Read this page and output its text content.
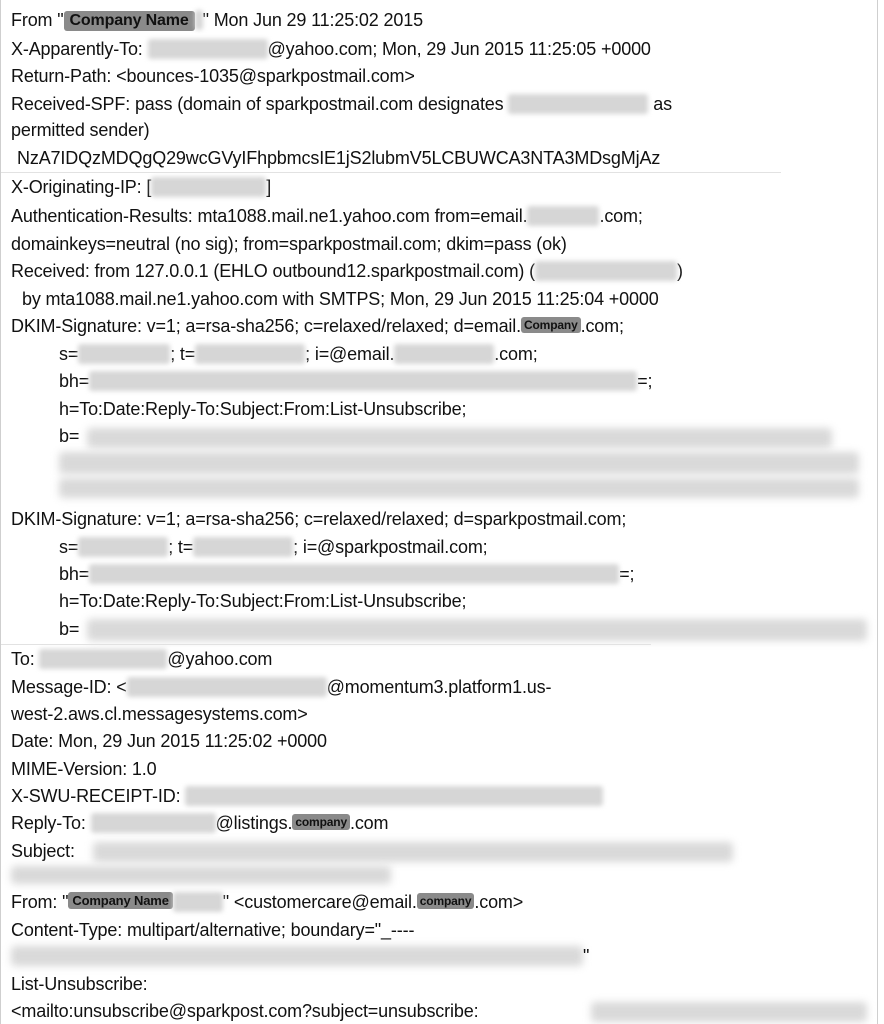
From " Company Name " Mon Jun 29 11:25:02 2015
X-Apparently-To:	@yahoo.com; Mon, 29 Jun 2015 11:25:05 +0000
Return-Path: <bounces-1035@sparkpostmail.com>
Received-SPF: pass (domain of sparkpostmail.com designates	as
permitted sender)
NzA7IDQzMDQgQ29wcGVyIFhpbmcsIE1jS2lubmV5LCBUWCA3NTA3MDsgMjAz
X-Originating-IP: [	]
Authentication-Results: mta1088.mail.ne1.yahoo.com from=email.	.com;
domainkeys=neutral (no sig); from=sparkpostmail.com; dkim=pass (ok)
Received: from 127.0.0.1 (EHLO outbound12.sparkpostmail.com) (	)
by mta1088.mail.ne1.yahoo.com with SMTPS; Mon, 29 Jun 2015 11:25:04 +0000
DKIM-Signature: v=1; a=rsa-sha256; c=relaxed/relaxed; d=email. Company .com;
s=	; t=	; i=@email.	.com;
bh=	=;
h=To:Date:Reply-To:Subject:From:List-Unsubscribe;
b=
DKIM-Signature: v=1; a=rsa-sha256; c=relaxed/relaxed; d=sparkpostmail.com;
s=	; t=	; i=@sparkpostmail.com;
bh=	=;
h=To:Date:Reply-To:Subject:From:List-Unsubscribe;
b=
To:	@yahoo.com
Message-ID: <	@momentum3.platform1.us-
west-2.aws.cl.messagesystems.com>
Date: Mon, 29 Jun 2015 11:25:02 +0000
MIME-Version: 1.0
X-SWU-RECEIPT-ID:
Reply-To:	@listings. company .com
Subject:
From: " Company Name	" <customercare@email. company .com>
Content-Type: multipart/alternative; boundary="_----
"
List-Unsubscribe:
<mailto:unsubscribe@sparkpost.com?subject=unsubscribe:
